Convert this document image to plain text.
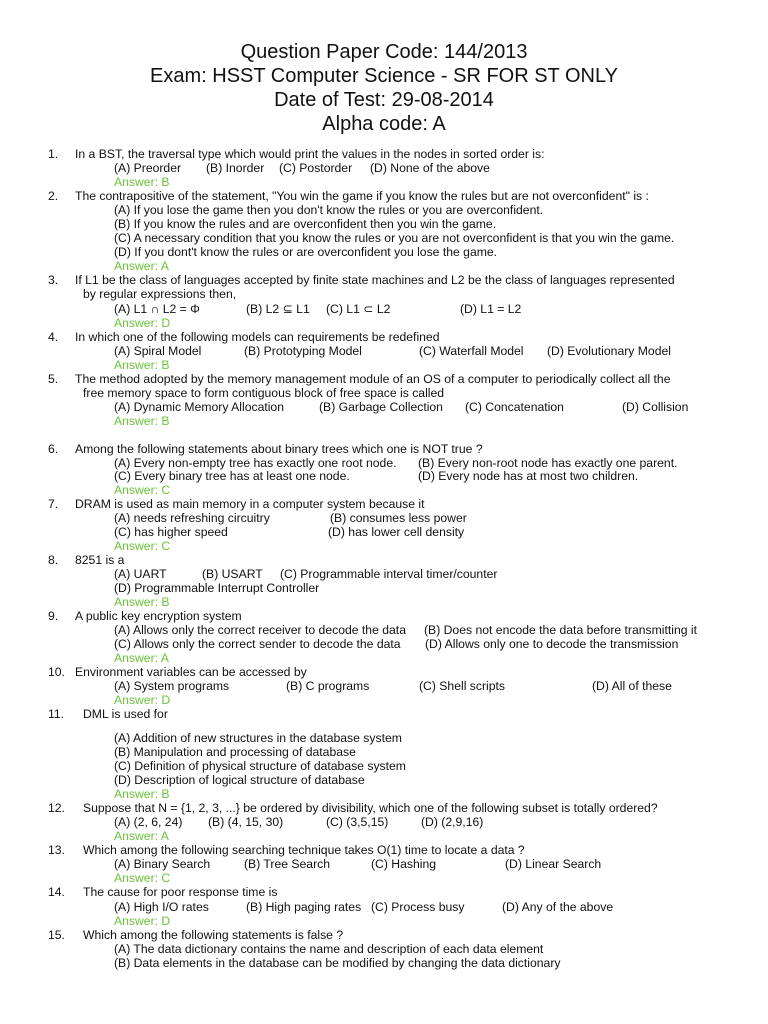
Question Paper Code: 144/2013
Exam: HSST Computer Science - SR FOR ST ONLY
Date of Test: 29-08-2014
Alpha code: A

1.

In a BST, the traversal type which would print the values in the nodes in sorted order is:

(A) Preorder

(B) Inorder

(C) Postorder

(D) None of the above

Answer: B

2.

The contrapositive of the statement, "You win the game if you know the rules but are not overconfident" is :

(A) If you lose the game then you don't know the rules or you are overconfident.
(B) If you know the rules and are overconfident then you win the game.
(C) A necessary condition that you know the rules or you are not overconfident is that you win the game.
(D) If you dont't know the rules or are overconfident you lose the game.
Answer: A

3.

If L1 be the class of languages accepted by finite state machines and L2 be the class of languages represented

by regular expressions then,

(A) L1 ∩ L2 = Φ

	(B) L2 ⊆ L1

(C) L1 ⊂ L2

	(D) L1 = L2

Answer: D

4.

In which one of the following models can requirements be redefined

(A) Spiral Model

	(B) Prototyping Model

	(C) Waterfall Model

(D) Evolutionary Model

Answer: B

5.

The method adopted by the memory management module of an OS of a computer to periodically collect all the

free memory space to form contiguous block of free space is called

(A) Dynamic Memory Allocation

	(B) Garbage Collection

(C) Concatenation

	(D) Collision

Answer: B

6.

Among the following statements about binary trees which one is NOT true ?

(A) Every non-empty tree has exactly one root node.

(B) Every non-root node has exactly one parent.

(C) Every binary tree has at least one node.

	(D) Every node has at most two children.

Answer: C

7.

DRAM is used as main memory in a computer system because it

(A) needs refreshing circuitry

	(B) consumes less power

(C) has higher speed

	(D) has lower cell density

Answer: C

8.

8251 is a

(A) UART

	(B) USART

(C) Programmable interval timer/counter

(D) Programmable Interrupt Controller
Answer: B

9.

A public key encryption system

(A) Allows only the correct receiver to decode the data

(B) Does not encode the data before transmitting it

(C) Allows only the correct sender to decode the data

(D) Allows only one to decode the transmission

Answer: A

10.

Environment variables can be accessed by

(A) System programs

	(B) C programs

	(C) Shell scripts

	(D) All of these

Answer: D

11.

DML is used for

(A) Addition of new structures in the database system
(B) Manipulation and processing of database
(C) Definition of physical structure of database system
(D) Description of logical structure of database
Answer: B

12.

Suppose that N = {1, 2, 3, ...} be ordered by divisibility, which one of the following subset is totally ordered?

(A) (2, 6, 24)

(B) (4, 15, 30)

	(C) (3,5,15)

	(D) (2,9,16)

Answer: A

13.

Which among the following searching technique takes O(1) time to locate a data ?

(A) Binary Search

	(B) Tree Search

	(C) Hashing

	(D) Linear Search

Answer: C

14.

The cause for poor response time is

(A) High I/O rates

	(B) High paging rates

(C) Process busy

	(D) Any of the above

Answer: D

15.

Which among the following statements is false ?

(A) The data dictionary contains the name and description of each data element
(B) Data elements in the database can be modified by changing the data dictionary
